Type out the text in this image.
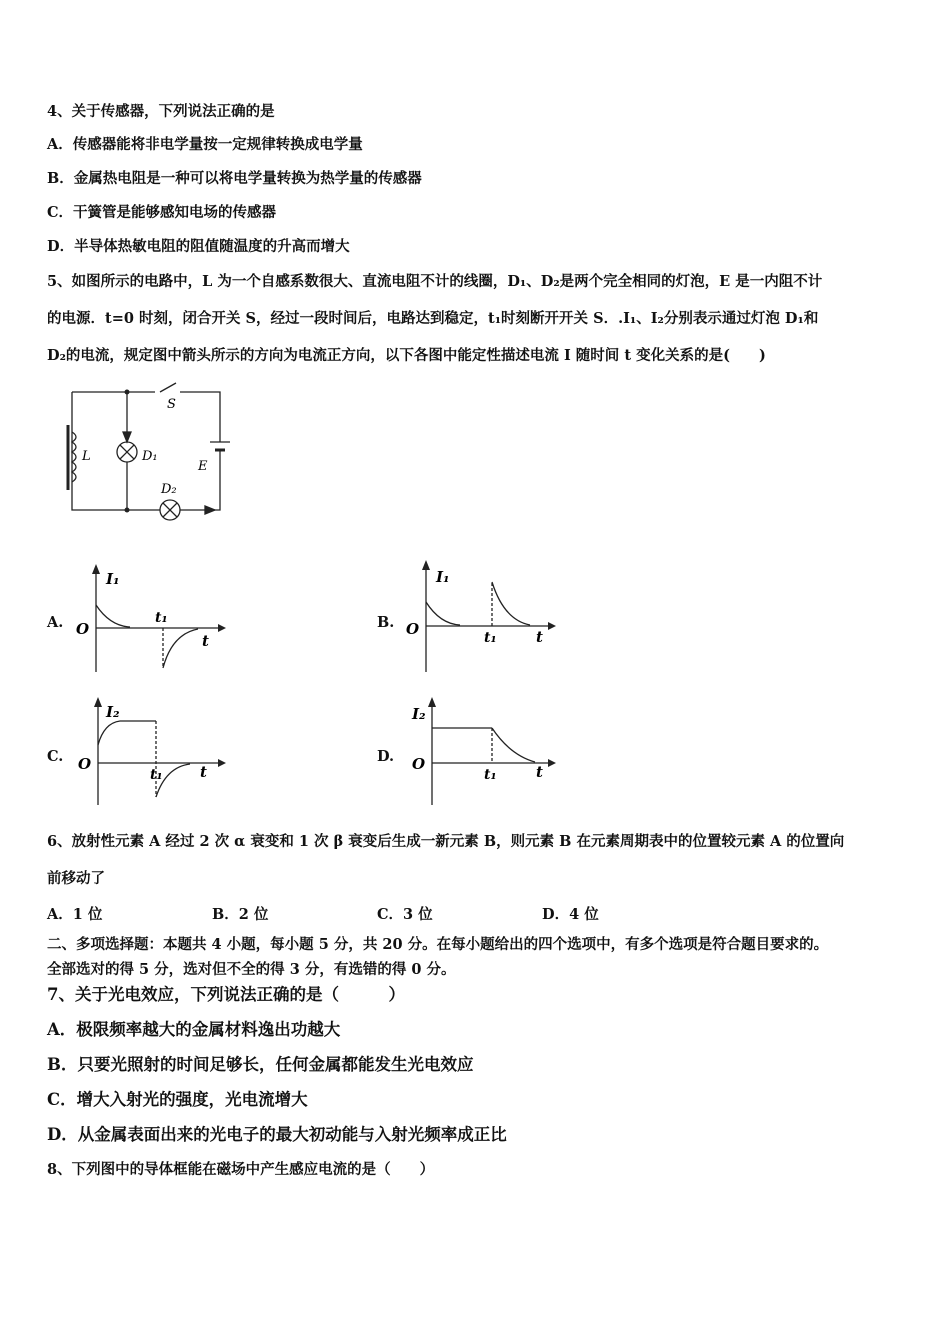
4、关于传感器，下列说法正确的是
A．传感器能将非电学量按一定规律转换成电学量
B．金属热电阻是一种可以将电学量转换为热学量的传感器
C．干簧管是能够感知电场的传感器
D．半导体热敏电阻的阻值随温度的升高而增大
5、如图所示的电路中，L 为一个自感系数很大、直流电阻不计的线圈，D₁、D₂是两个完全相同的灯泡，E 是一内阻不计
的电源．t=0 时刻，闭合开关 S，经过一段时间后，电路达到稳定，t₁时刻断开开关 S．.I₁、I₂分别表示通过灯泡 D₁和
D₂的电流，规定图中箭头所示的方向为电流正方向，以下各图中能定性描述电流 I 随时间 t 变化关系的是(　　)
S
L	D₁
D₂
E
A.
I₁
O
t₁
t
B.
I₁
O	t₁	t
C.
I₂
O
t₁ t
D.
I₂
O
t₁	t
6、放射性元素 A 经过 2 次 α 衰变和 1 次 β 衰变后生成一新元素 B，则元素 B 在元素周期表中的位置较元素 A 的位置向
前移动了
A．1 位	B．2 位	C．3 位	D．4 位
二、多项选择题：本题共 4 小题，每小题 5 分，共 20 分。在每小题给出的四个选项中，有多个选项是符合题目要求的。
全部选对的得 5 分，选对但不全的得 3 分，有选错的得 0 分。
7、关于光电效应，下列说法正确的是（　　　）
A．极限频率越大的金属材料逸出功越大
B．只要光照射的时间足够长，任何金属都能发生光电效应
C．增大入射光的强度，光电流增大
D．从金属表面出来的光电子的最大初动能与入射光频率成正比
8、下列图中的导体框能在磁场中产生感应电流的是（　　）
